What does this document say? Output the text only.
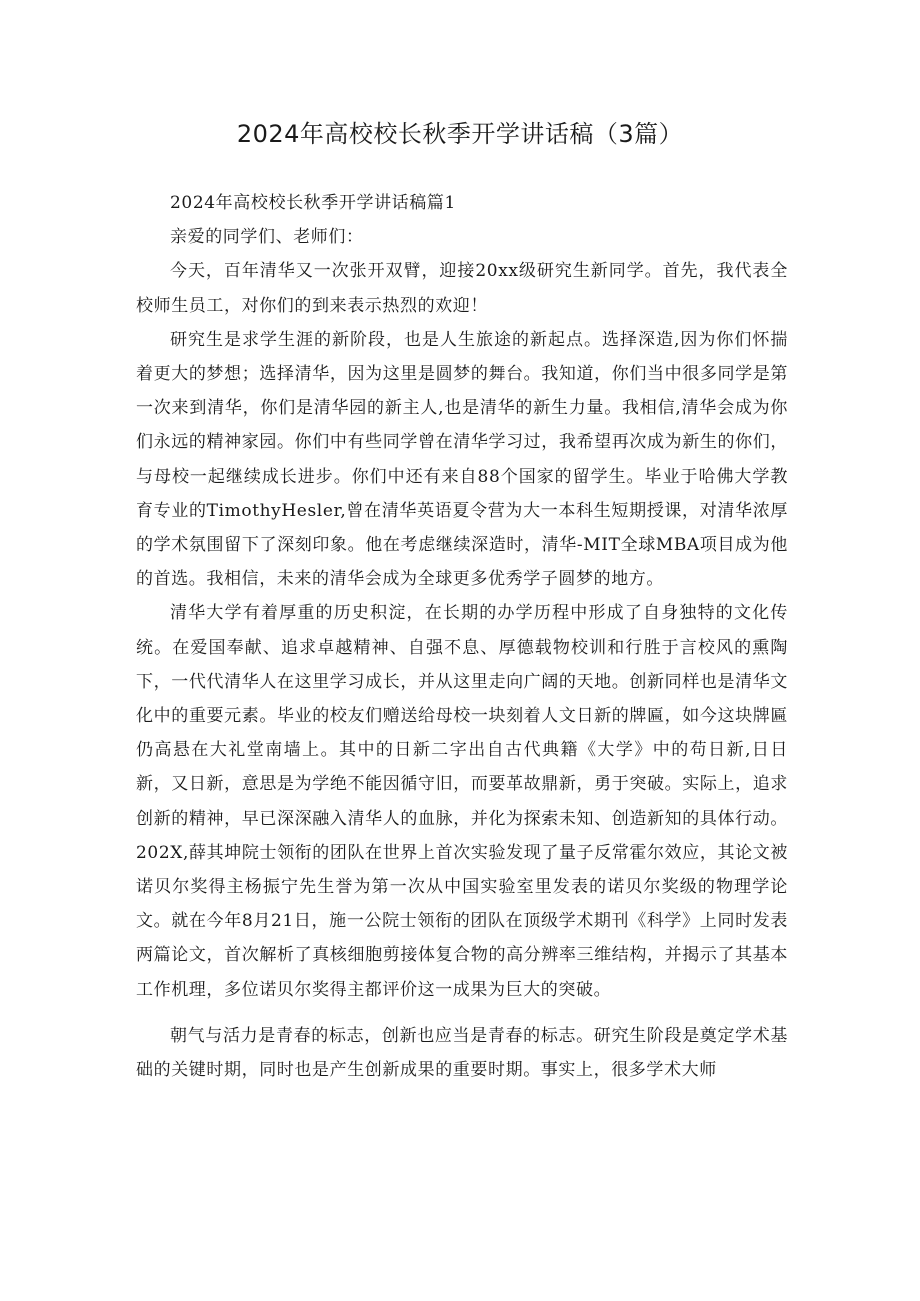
2024年高校校长秋季开学讲话稿（3篇）

2024年高校校长秋季开学讲话稿篇1

亲爱的同学们、老师们：

今天，百年清华又一次张开双臂，迎接20xx级研究生新同学。首先，我代表全校师生员工，对你们的到来表示热烈的欢迎！

研究生是求学生涯的新阶段，也是人生旅途的新起点。选择深造,因为你们怀揣着更大的梦想；选择清华，因为这里是圆梦的舞台。我知道，你们当中很多同学是第一次来到清华，你们是清华园的新主人,也是清华的新生力量。我相信,清华会成为你们永远的精神家园。你们中有些同学曾在清华学习过，我希望再次成为新生的你们，与母校一起继续成长进步。你们中还有来自88个国家的留学生。毕业于哈佛大学教育专业的TimothyHesler,曾在清华英语夏令营为大一本科生短期授课，对清华浓厚的学术氛围留下了深刻印象。他在考虑继续深造时，清华-MIT全球MBA项目成为他的首选。我相信，未来的清华会成为全球更多优秀学子圆梦的地方。

清华大学有着厚重的历史积淀，在长期的办学历程中形成了自身独特的文化传统。在爱国奉献、追求卓越精神、自强不息、厚德载物校训和行胜于言校风的熏陶下，一代代清华人在这里学习成长，并从这里走向广阔的天地。创新同样也是清华文化中的重要元素。毕业的校友们赠送给母校一块刻着人文日新的牌匾，如今这块牌匾仍高悬在大礼堂南墙上。其中的日新二字出自古代典籍《大学》中的苟日新,日日新，又日新，意思是为学绝不能因循守旧，而要革故鼎新，勇于突破。实际上，追求创新的精神，早已深深融入清华人的血脉，并化为探索未知、创造新知的具体行动。202X,薛其坤院士领衔的团队在世界上首次实验发现了量子反常霍尔效应，其论文被诺贝尔奖得主杨振宁先生誉为第一次从中国实验室里发表的诺贝尔奖级的物理学论文。就在今年8月21日，施一公院士领衔的团队在顶级学术期刊《科学》上同时发表两篇论文，首次解析了真核细胞剪接体复合物的高分辨率三维结构，并揭示了其基本工作机理，多位诺贝尔奖得主都评价这一成果为巨大的突破。

朝气与活力是青春的标志，创新也应当是青春的标志。研究生阶段是奠定学术基础的关键时期，同时也是产生创新成果的重要时期。事实上，很多学术大师
